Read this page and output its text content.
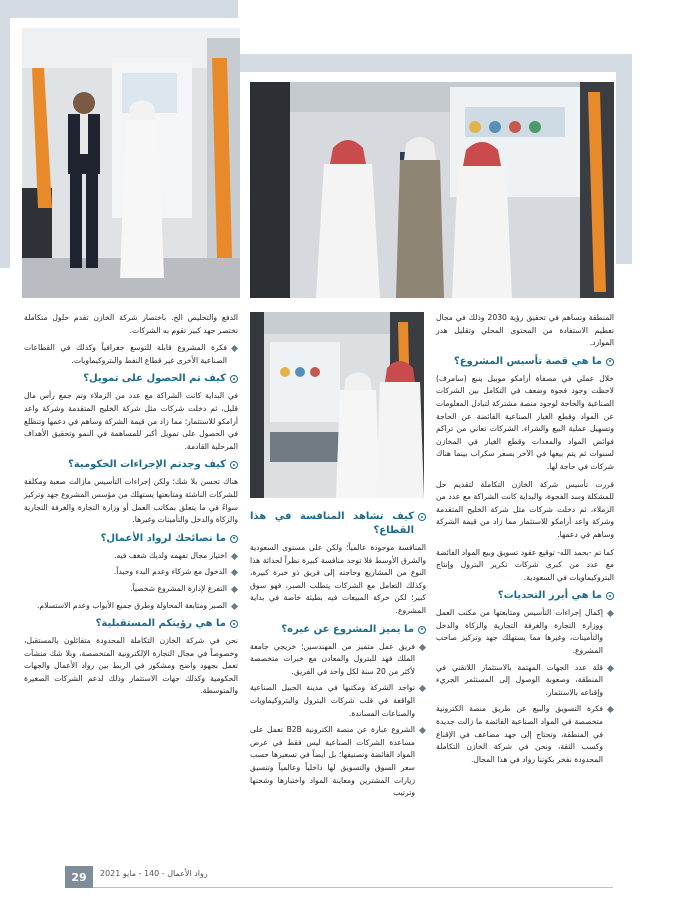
الدفع والتخليص الخ. باختصار شركة الخازن تقدم حلول متكاملة تختصر جهد كبير تقوم به الشركات.

فكرة المشروع قابلة للتوسع جغرافياً وكذلك في القطاعات الصناعية الأخرى غير قطاع النفط والبتروكيماويات.
كيف تم الحصول على تمويل؟

في البداية كانت الشراكة مع عدد من الزملاء وتم جمع رأس مال قليل، ثم دخلت شركات مثل شركة الخليج المتقدمة وشركة واعد أرامكو للاستثمار؛ مما زاد من قيمة الشركة وساهم في دعمها وتنظلع في الحصول على تمويل أكبر للمساهمة في النمو وتحقيق الأهداف المرحلية القادمة.

كيف وجدتم الإجراءات الحكومية؟

هناك تحسن بلا شك؛ ولكن إجراءات التأسيس مازالت صعبة ومكلفة للشركات الناشئة ومتابعتها يستهلك من مؤسس المشروع جهد وتركيز سواءً في ما يتعلق بمكاتب العمل أو وزارة التجارة والغرفة التجارية والزكاة والدخل والتأمينات وغيرها.

ما نصائحك لرواد الأعمال؟
اختيار مجال تفهمه ولديك شغف فيه.
الدخول مع شركاء وعدم البدء وحيداً.
التفرغ لإدارة المشروع شخصياً.
الصبر ومتابعة المحاولة وطرق جميع الأبواب وعدم الاستسلام.
ما هي رؤيتكم المستقبلية؟

نحن في شركة الخازن التكاملة المحدودة متفائلون بالمستقبل، وخصوصاً في مجال التجارة الإلكترونية المتخصصة، وبلا شك منشآت تعمل بجهود واضح ومشكور في الربط بين رواد الأعمال والجهات الحكومية وكذلك جهات الاستثمار وذلك لدعم الشركات الصغيرة والمتوسطة.

كيف تشاهد المنافسة في هذا القطاع؟

المنافسة موجودة عالمياً؛ ولكن على مستوى السعودية والشرق الأوسط فلا توجد منافسة كبيرة نظراً لحداثة هذا النوع من المشاريع وحاجته إلى فريق ذو خبرة كبيرة، وكذلك التعامل مع الشركات يتطلب الصبر، فهو سوق كبير؛ لكن حركة المبيعات فيه بطيئة خاصة في بداية المشروع.

ما يميز المشروع عن غيره؟
فريق عمل متميز من المهندسين؛ خريجي جامعة الملك فهد للبترول والمعادن مع خبرات متخصصة لأكثر من 20 سنة لكل واحد في الفريق.
تواجد الشركة ومكتبها في مدينة الجبيل الصناعية الواقعة في قلب شركات البترول والبتروكيماويات والصناعات المساندة.
الشروع عبارة عن منصة الكترونية B2B تعمل على مساعدة الشركات الصناعية ليس فقط في عرض المواد الفائضة وتصنيفها؛ بل أيضاً في تسعيرها حسب سعر السوق والتسويق لها داخلياً وعالمياً وتنسيق زيارات المشترين ومعاينة المواد واختبارها وشحنها وترتيب

المنطقة وتساهم في تحقيق رؤية 2030 وذلك في مجال تعظيم الاستفادة من المحتوى المحلي وتقليل هدر الموارد.

ما هي قصة تأسيس المشروع؟

خلال عملي في مصفاة أرامكو موبيل ينبع (سامرف) لاحظت وجود فجوة وضعف في التكامل بين الشركات الصناعية والحاجة لوجود منصة مشتركة لتبادل المعلومات عن المواد وقطع الغيار الصناعية الفائضة عن الحاجة وتسهيل عملية البيع والشراء. الشركات تعاني من تراكم فوائض المواد والمعدات وقطع الغيار في المخازن لسنوات ثم يتم بيعها في الآخر بسعر سكراب بينما هناك شركات في حاجة لها.

قررت تأسيس شركة الخازن التكاملة لتقديم حل للمشكلة وسد الفجوة، والبداية كانت الشراكة مع عدد من الزملاء، ثم دخلت شركات مثل شركة الخليج المتقدمة وشركة واعد أرامكو للاستثمار مما زاد من قيمة الشركة وساهم في دعمها.

كما تم -بحمد الله- توقيع عقود تسويق وبيع المواد الفائضة مع عدد من كبرى شركات تكرير البترول وإنتاج البتروكيماويات في السعودية.

ما هي أبرز التحديات؟
إكمال إجراءات التأسيس ومتابعتها من مكتب العمل ووزارة التجارة والغرفة التجارية والزكاة والدخل والتأمينات، وغيرها مما يستهلك جهد وتركيز صاحب المشروع.
قلة عدد الجهات المهتمة بالاستثمار اللاتقني في المنطقة، وصعوبة الوصول إلى المستثمر الجريء وإقناعه بالاستثمار.
فكرة التسويق والبيع عن طريق منصة الكترونية متخصصة في المواد الصناعية الفائضة ما زالت جديدة في المنطقة، وتحتاج إلى جهد مضاعف في الإقناع وكسب الثقة، ونحن في شركة الخازن التكاملة المحدودة نفخر بكوننا رواد في هذا المجال.
29	رواد الأعمال - 140 - مايو 2021
